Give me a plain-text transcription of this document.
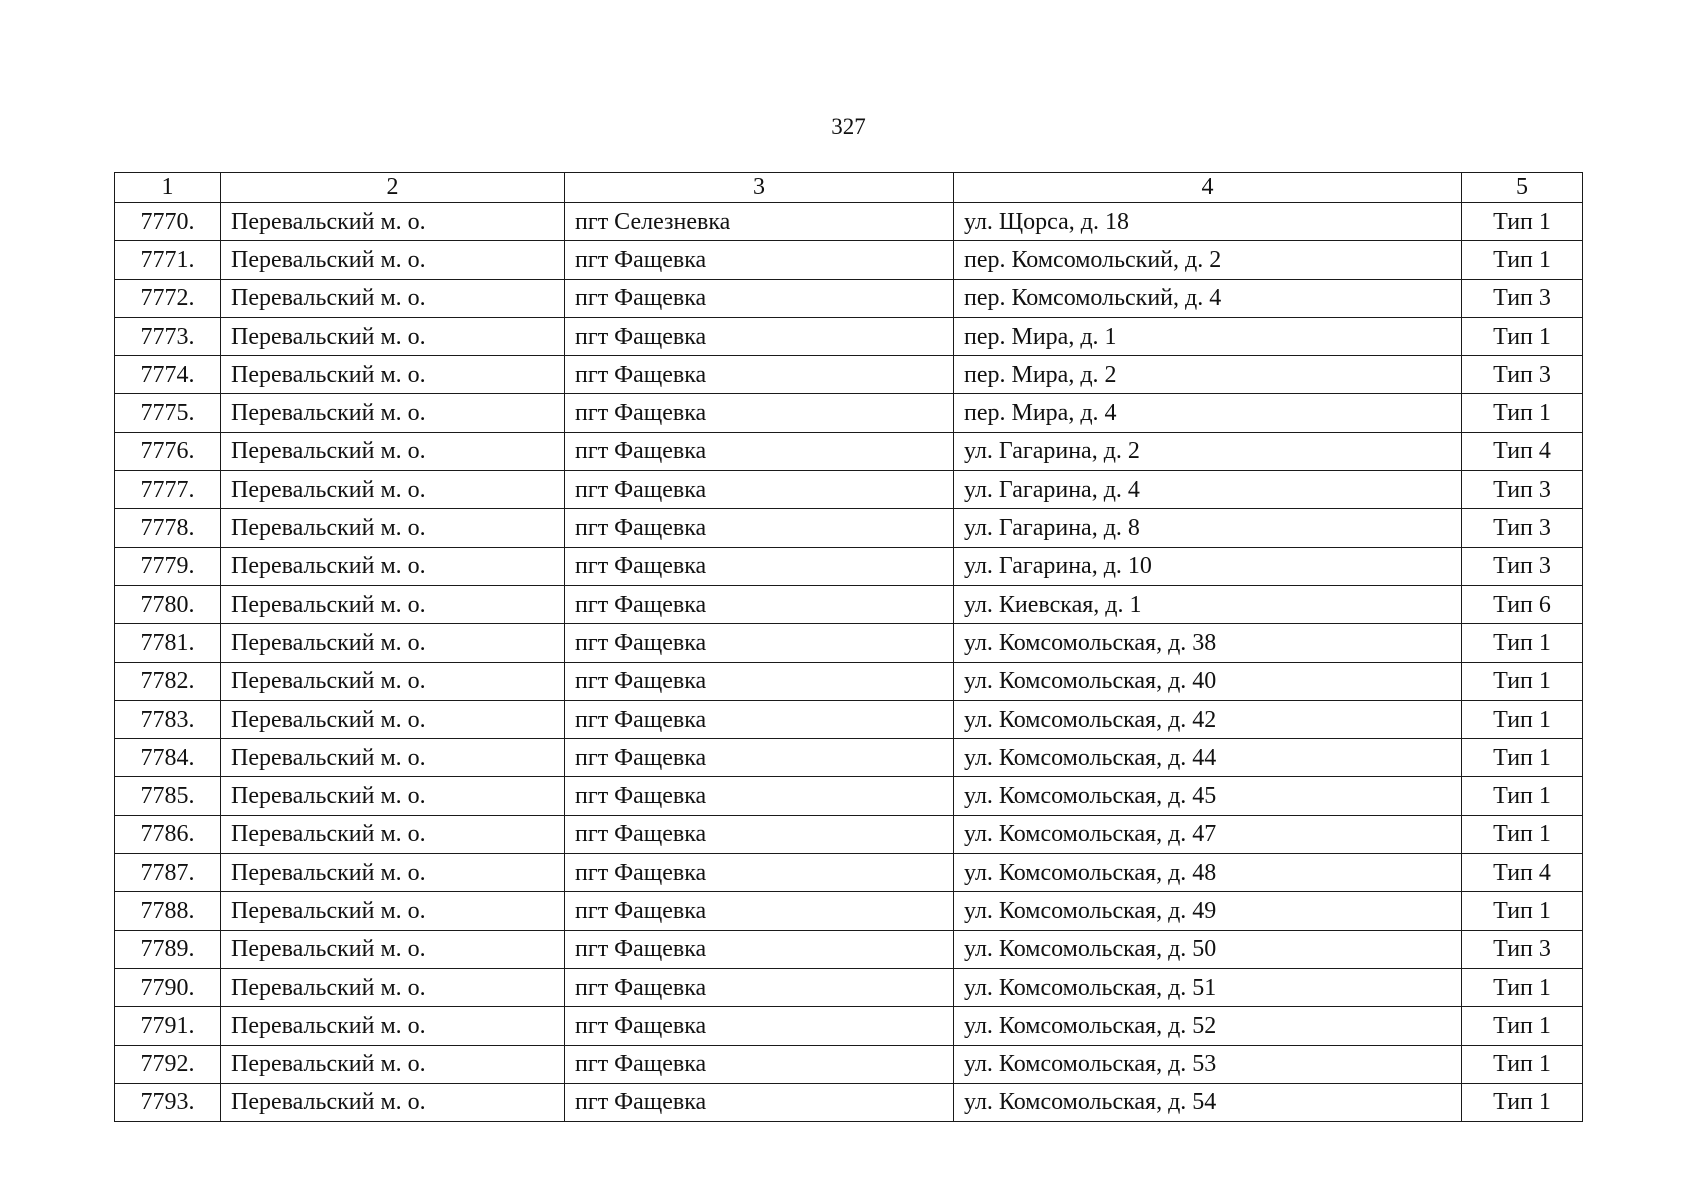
327
1	2	3	4	5
7770.	Перевальский м. о.	пгт Селезневка	ул. Щорса, д. 18	Тип 1
7771.	Перевальский м. о.	пгт Фащевка	пер. Комсомольский, д. 2	Тип 1
7772.	Перевальский м. о.	пгт Фащевка	пер. Комсомольский, д. 4	Тип 3
7773.	Перевальский м. о.	пгт Фащевка	пер. Мира, д. 1	Тип 1
7774.	Перевальский м. о.	пгт Фащевка	пер. Мира, д. 2	Тип 3
7775.	Перевальский м. о.	пгт Фащевка	пер. Мира, д. 4	Тип 1
7776.	Перевальский м. о.	пгт Фащевка	ул. Гагарина, д. 2	Тип 4
7777.	Перевальский м. о.	пгт Фащевка	ул. Гагарина, д. 4	Тип 3
7778.	Перевальский м. о.	пгт Фащевка	ул. Гагарина, д. 8	Тип 3
7779.	Перевальский м. о.	пгт Фащевка	ул. Гагарина, д. 10	Тип 3
7780.	Перевальский м. о.	пгт Фащевка	ул. Киевская, д. 1	Тип 6
7781.	Перевальский м. о.	пгт Фащевка	ул. Комсомольская, д. 38	Тип 1
7782.	Перевальский м. о.	пгт Фащевка	ул. Комсомольская, д. 40	Тип 1
7783.	Перевальский м. о.	пгт Фащевка	ул. Комсомольская, д. 42	Тип 1
7784.	Перевальский м. о.	пгт Фащевка	ул. Комсомольская, д. 44	Тип 1
7785.	Перевальский м. о.	пгт Фащевка	ул. Комсомольская, д. 45	Тип 1
7786.	Перевальский м. о.	пгт Фащевка	ул. Комсомольская, д. 47	Тип 1
7787.	Перевальский м. о.	пгт Фащевка	ул. Комсомольская, д. 48	Тип 4
7788.	Перевальский м. о.	пгт Фащевка	ул. Комсомольская, д. 49	Тип 1
7789.	Перевальский м. о.	пгт Фащевка	ул. Комсомольская, д. 50	Тип 3
7790.	Перевальский м. о.	пгт Фащевка	ул. Комсомольская, д. 51	Тип 1
7791.	Перевальский м. о.	пгт Фащевка	ул. Комсомольская, д. 52	Тип 1
7792.	Перевальский м. о.	пгт Фащевка	ул. Комсомольская, д. 53	Тип 1
7793.	Перевальский м. о.	пгт Фащевка	ул. Комсомольская, д. 54	Тип 1
